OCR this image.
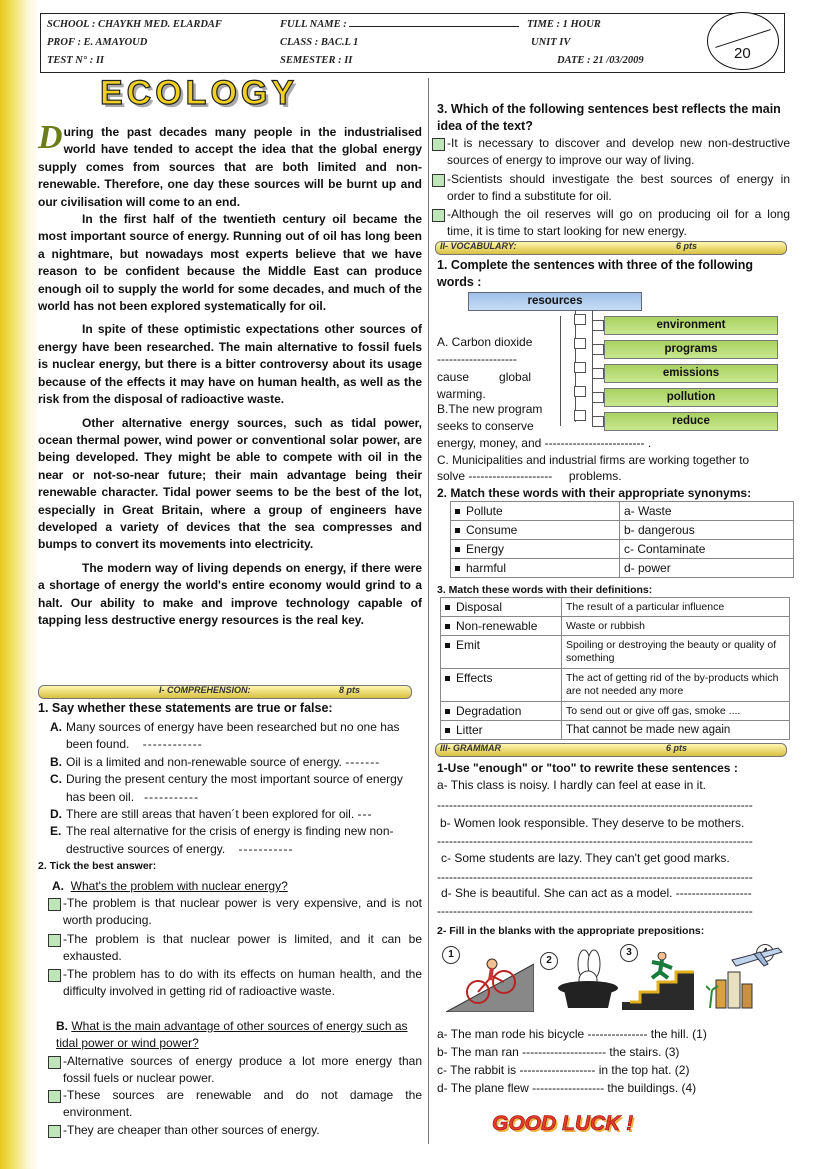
SCHOOL : CHAYKH MED. ELARDAF	FULL NAME :	TIME : 1 HOUR
PROF : E. AMAYOUD	CLASS : BAC.L 1	UNIT IV
TEST N° : II	SEMESTER : II	DATE : 21 /03/2009	20
ECOLOGY

During the past decades many people in the industrialised world have tended to accept the idea that the global energy supply comes from sources that are both limited and non-renewable. Therefore, one day these sources will be burnt up and our civilisation will come to an end.

In the first half of the twentieth century oil became the most important source of energy. Running out of oil has long been a nightmare, but nowadays most experts believe that we have reason to be confident because the Middle East can produce enough oil to supply the world for some decades, and much of the world has not been explored systematically for oil.

In spite of these optimistic expectations other sources of energy have been researched. The main alternative to fossil fuels is nuclear energy, but there is a bitter controversy about its usage because of the effects it may have on human health, as well as the risk from the disposal of radioactive waste.

Other alternative energy sources, such as tidal power, ocean thermal power, wind power or conventional solar power, are being developed. They might be able to compete with oil in the near or not-so-near future; their main advantage being their renewable character. Tidal power seems to be the best of the lot, especially in Great Britain, where a group of engineers have developed a variety of devices that the sea compresses and bumps to convert its movements into electricity.

The modern way of living depends on energy, if there were a shortage of energy the world's entire economy would grind to a halt. Our ability to make and improve technology capable of tapping less destructive energy resources is the real key.

I- COMPREHENSION:	8 pts
1. Say whether these statements are true or false:
A. Many sources of energy have been researched but no one has been found. ------------
B. Oil is a limited and non-renewable source of energy. -------
C. During the present century the most important source of energy has been oil. -----------
D. There are still areas that haven´t been explored for oil. ---
E. The real alternative for the crisis of energy is finding new non-destructive sources of energy. -----------
2. Tick the best answer:
A. What's the problem with nuclear energy?
-The problem is that nuclear power is very expensive, and is not worth producing.
-The problem is that nuclear power is limited, and it can be exhausted.
-The problem has to do with its effects on human health, and the difficulty involved in getting rid of radioactive waste.
B. What is the main advantage of other sources of energy such as tidal power or wind power?
-Alternative sources of energy produce a lot more energy than fossil fuels or nuclear power.
-These sources are renewable and do not damage the environment.
-They are cheaper than other sources of energy.
3. Which of the following sentences best reflects the main idea of the text?
-It is necessary to discover and develop new non-destructive sources of energy to improve our way of living.
-Scientists should investigate the best sources of energy in order to find a substitute for oil.
-Although the oil reserves will go on producing oil for a long time, it is time to start looking for new energy.
II- VOCABULARY:	6 pts
1. Complete the sentences with three of the following words :
resources
environment
programs
emissions
pollution
reduce
A. Carbon dioxide
--------------------
cause         global
warming.
B.The new program
seeks to conserve
energy, money, and ------------------------- .
C. Municipalities and industrial firms are working together to
solve ---------------------     problems.
2. Match these words with their appropriate synonyms:
Pollute	a- Waste
Consume	b- dangerous
Energy	c- Contaminate
harmful	d- power
3. Match these words with their definitions:
Disposal	The result of a particular influence
Non-renewable	Waste or rubbish
Emit	Spoiling or destroying the beauty or quality of something
Effects	The act of getting rid of the by-products which are not needed any more
Degradation	To send out or give off gas, smoke ....
Litter	That cannot be made new again
III- GRAMMAR	6 pts
1-Use "enough" or "too" to rewrite these sentences :
a- This class is noisy. I hardly can feel at ease in it.
-------------------------------------------------------------------------------
b- Women look responsible. They deserve to be mothers.
-------------------------------------------------------------------------------
c- Some students are lazy. They can't get good marks.
-------------------------------------------------------------------------------
d- She is beautiful. She can act as a model. -------------------
-------------------------------------------------------------------------------
2- Fill in the blanks with the appropriate prepositions:
1
2
3
a- The man rode his bicycle --------------- the hill. (1)
b- The man ran --------------------- the stairs. (3)
c- The rabbit is ------------------- in the top hat. (2)
d- The plane flew ------------------ the buildings. (4)
GOOD LUCK !
